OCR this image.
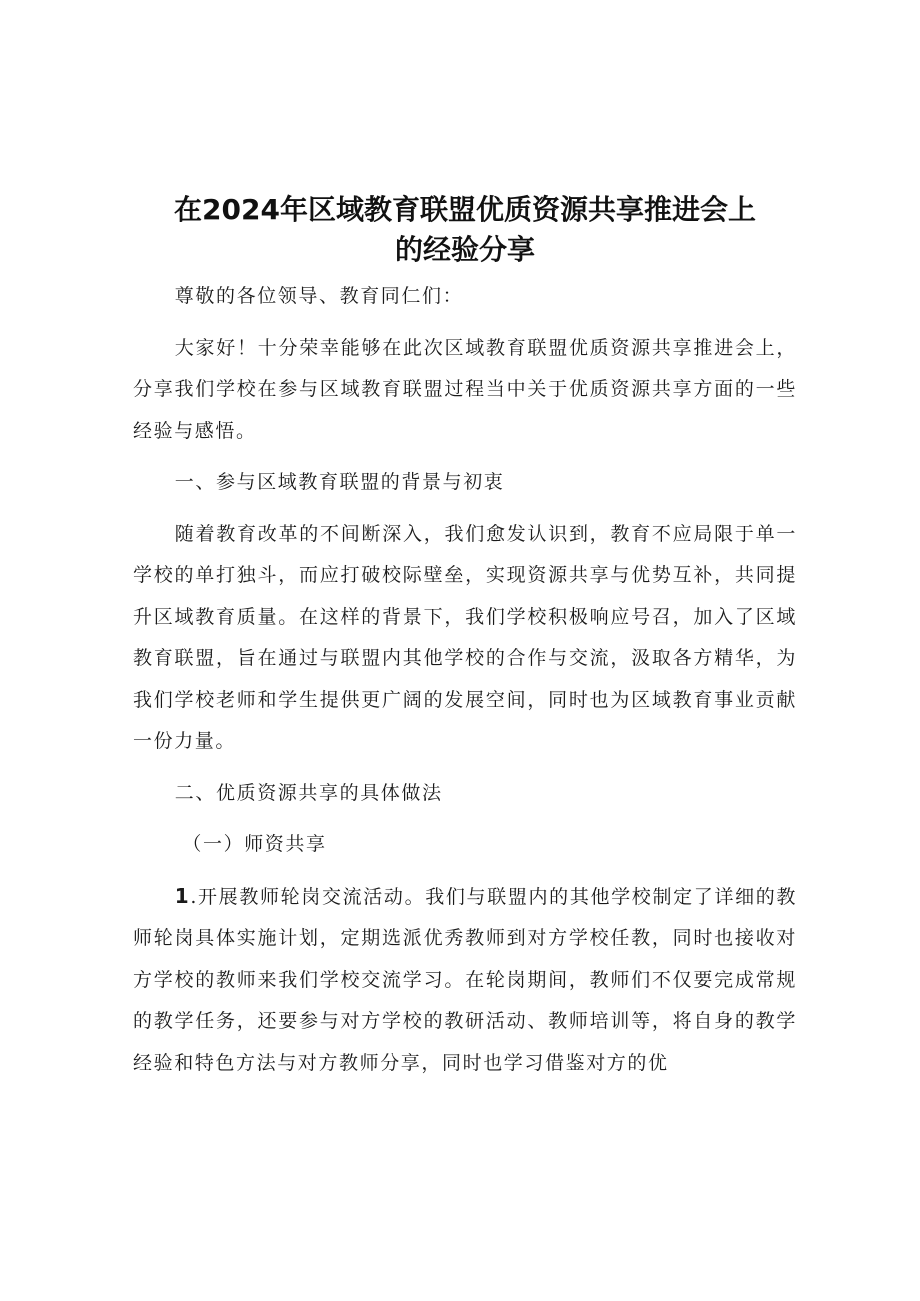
在2024年区域教育联盟优质资源共享推进会上
的经验分享

尊敬的各位领导、教育同仁们：

大家好！十分荣幸能够在此次区域教育联盟优质资源共享推进会上，分享我们学校在参与区域教育联盟过程当中关于优质资源共享方面的一些经验与感悟。

一、参与区域教育联盟的背景与初衷

随着教育改革的不间断深入，我们愈发认识到，教育不应局限于单一学校的单打独斗，而应打破校际壁垒，实现资源共享与优势互补，共同提升区域教育质量。在这样的背景下，我们学校积极响应号召，加入了区域教育联盟，旨在通过与联盟内其他学校的合作与交流，汲取各方精华，为我们学校老师和学生提供更广阔的发展空间，同时也为区域教育事业贡献一份力量。

二、优质资源共享的具体做法

（一）师资共享

1.开展教师轮岗交流活动。我们与联盟内的其他学校制定了详细的教师轮岗具体实施计划，定期选派优秀教师到对方学校任教，同时也接收对方学校的教师来我们学校交流学习。在轮岗期间，教师们不仅要完成常规的教学任务，还要参与对方学校的教研活动、教师培训等，将自身的教学经验和特色方法与对方教师分享，同时也学习借鉴对方的优
